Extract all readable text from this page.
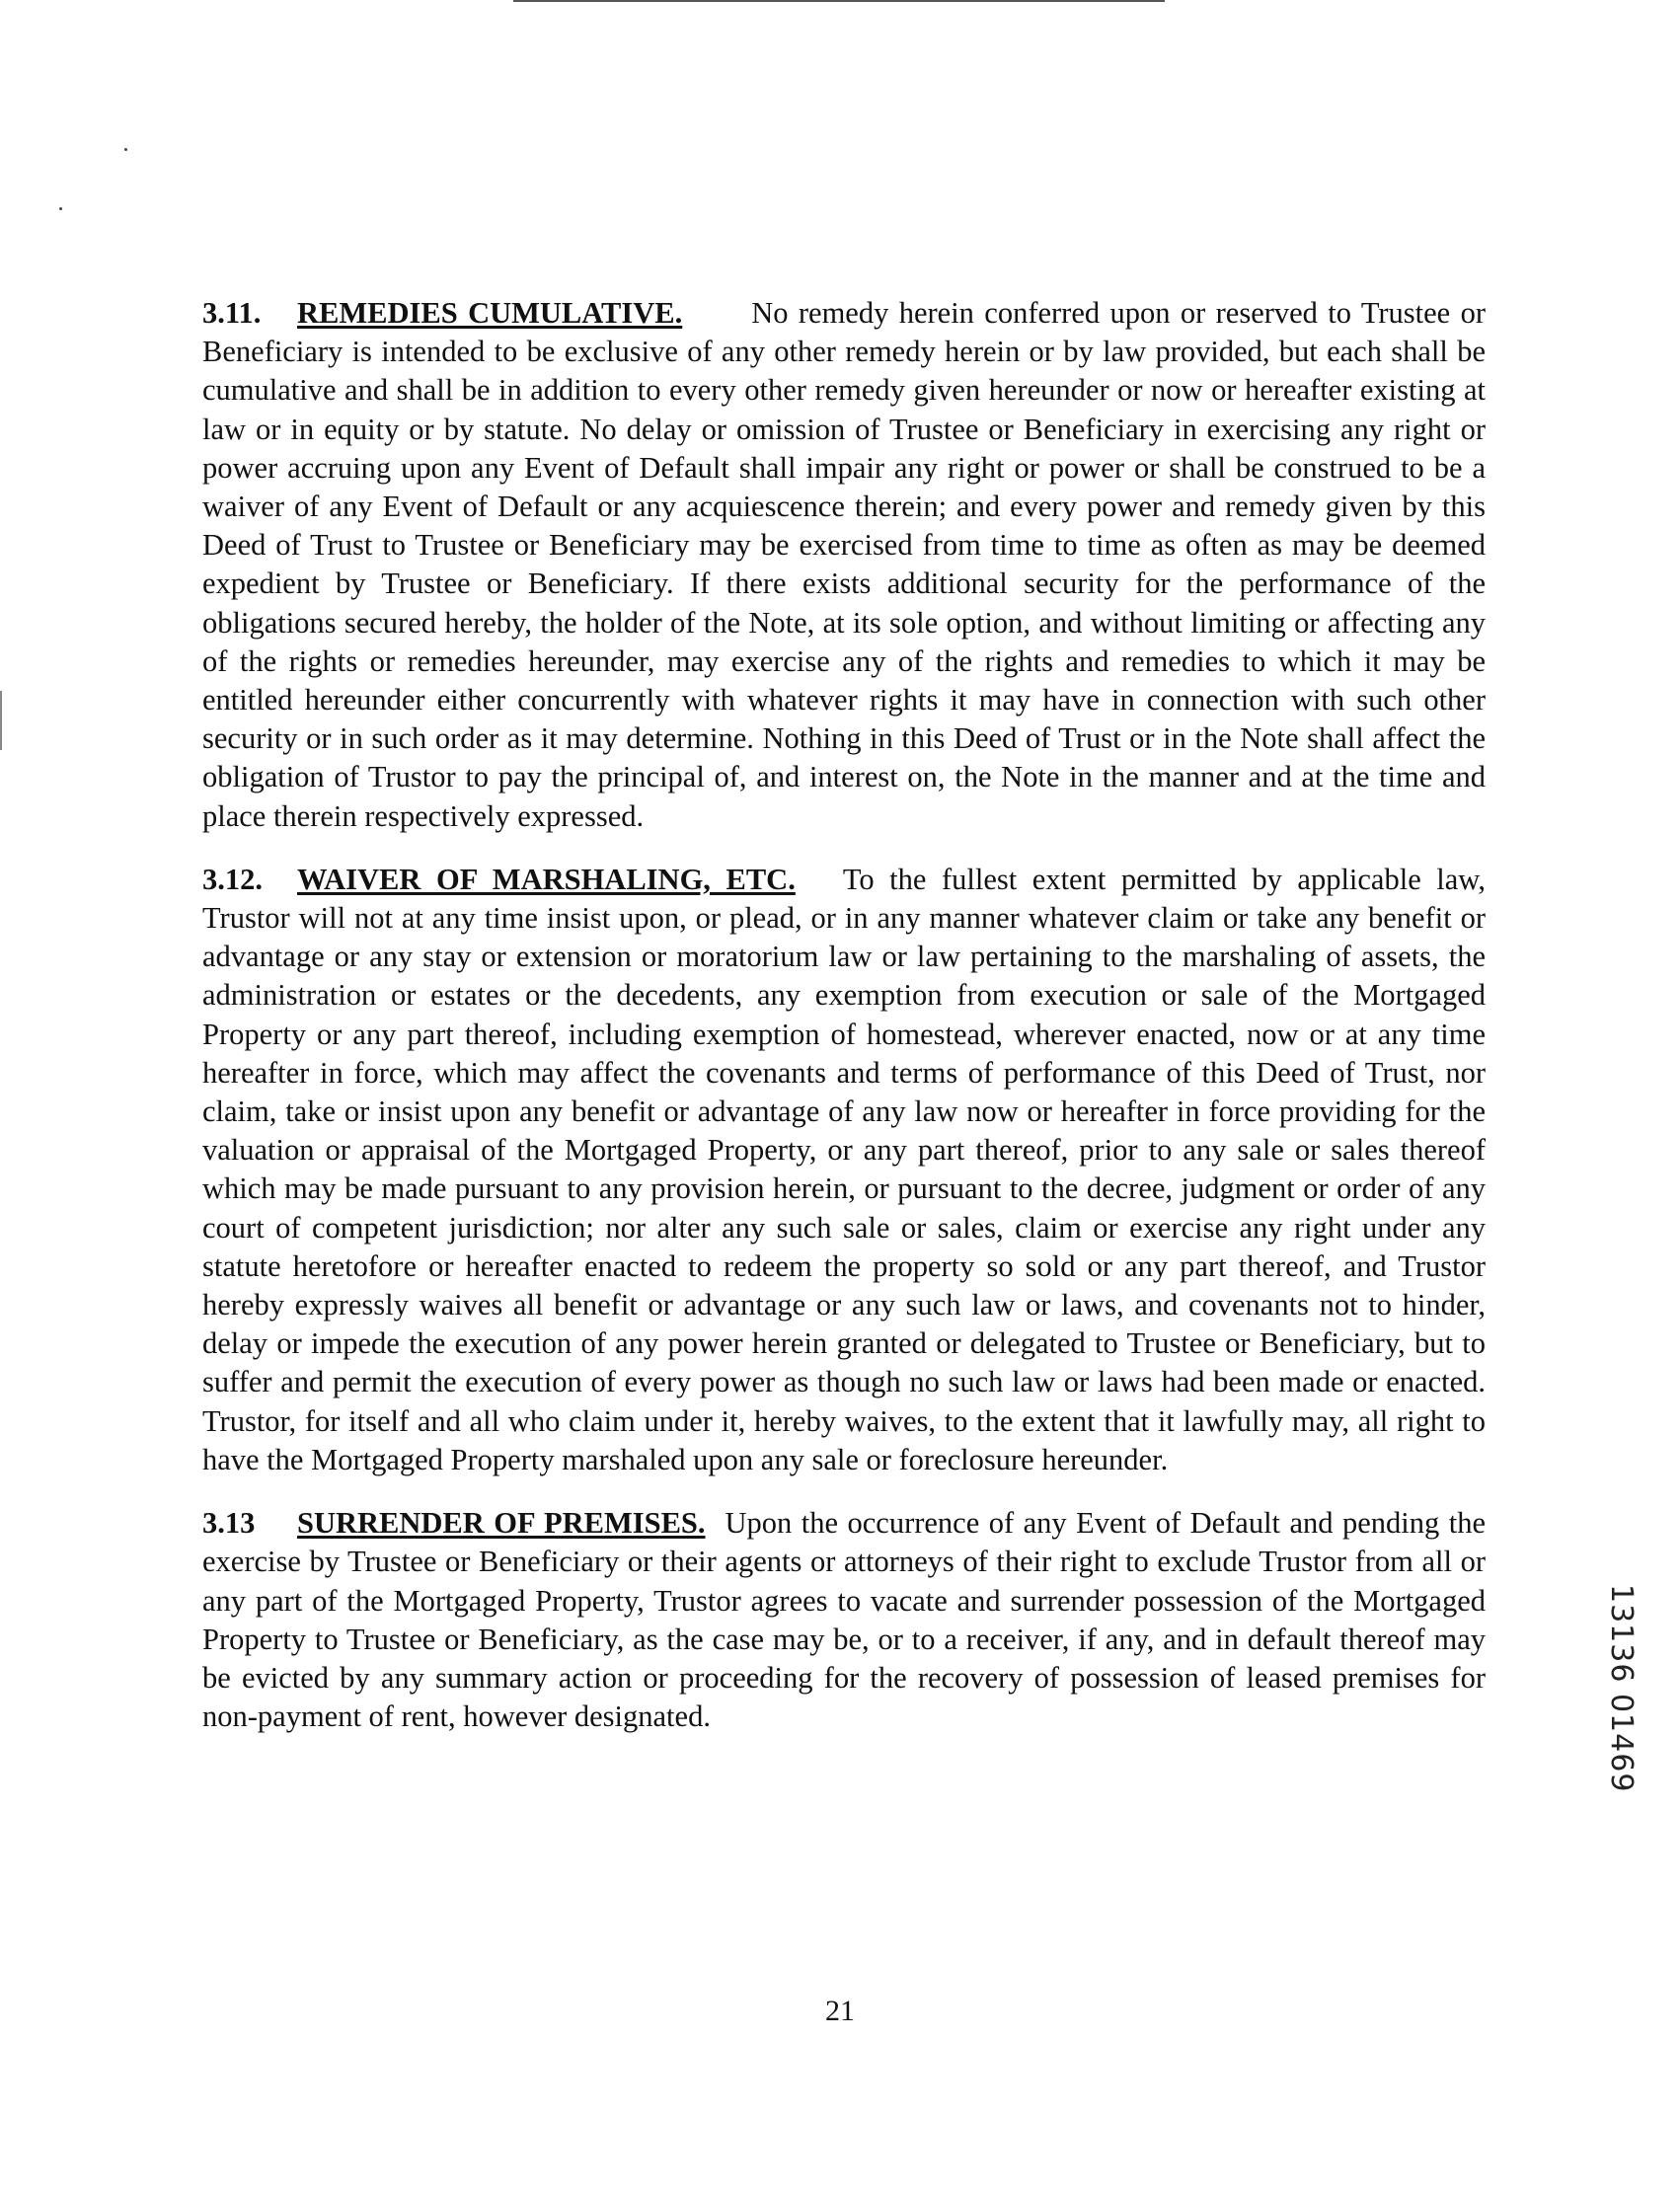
3.11. REMEDIES CUMULATIVE. No remedy herein conferred upon or reserved to Trustee or Beneficiary is intended to be exclusive of any other remedy herein or by law provided, but each shall be cumulative and shall be in addition to every other remedy given hereunder or now or hereafter existing at law or in equity or by statute. No delay or omission of Trustee or Beneficiary in exercising any right or power accruing upon any Event of Default shall impair any right or power or shall be construed to be a waiver of any Event of Default or any acquiescence therein; and every power and remedy given by this Deed of Trust to Trustee or Beneficiary may be exercised from time to time as often as may be deemed expedient by Trustee or Beneficiary. If there exists additional security for the performance of the obligations secured hereby, the holder of the Note, at its sole option, and without limiting or affecting any of the rights or remedies hereunder, may exercise any of the rights and remedies to which it may be entitled hereunder either concurrently with whatever rights it may have in connection with such other security or in such order as it may determine. Nothing in this Deed of Trust or in the Note shall affect the obligation of Trustor to pay the principal of, and interest on, the Note in the manner and at the time and place therein respectively expressed.

3.12. WAIVER OF MARSHALING, ETC. To the fullest extent permitted by applicable law, Trustor will not at any time insist upon, or plead, or in any manner whatever claim or take any benefit or advantage or any stay or extension or moratorium law or law pertaining to the marshaling of assets, the administration or estates or the decedents, any exemption from execution or sale of the Mortgaged Property or any part thereof, including exemption of homestead, wherever enacted, now or at any time hereafter in force, which may affect the covenants and terms of performance of this Deed of Trust, nor claim, take or insist upon any benefit or advantage of any law now or hereafter in force providing for the valuation or appraisal of the Mortgaged Property, or any part thereof, prior to any sale or sales thereof which may be made pursuant to any provision herein, or pursuant to the decree, judgment or order of any court of competent jurisdiction; nor alter any such sale or sales, claim or exercise any right under any statute heretofore or hereafter enacted to redeem the property so sold or any part thereof, and Trustor hereby expressly waives all benefit or advantage or any such law or laws, and covenants not to hinder, delay or impede the execution of any power herein granted or delegated to Trustee or Beneficiary, but to suffer and permit the execution of every power as though no such law or laws had been made or enacted. Trustor, for itself and all who claim under it, hereby waives, to the extent that it lawfully may, all right to have the Mortgaged Property marshaled upon any sale or foreclosure hereunder.

3.13 SURRENDER OF PREMISES. Upon the occurrence of any Event of Default and pending the exercise by Trustee or Beneficiary or their agents or attorneys of their right to exclude Trustor from all or any part of the Mortgaged Property, Trustor agrees to vacate and surrender possession of the Mortgaged Property to Trustee or Beneficiary, as the case may be, or to a receiver, if any, and in default thereof may be evicted by any summary action or proceeding for the recovery of possession of leased premises for non-payment of rent, however designated.	13136 01469
21
